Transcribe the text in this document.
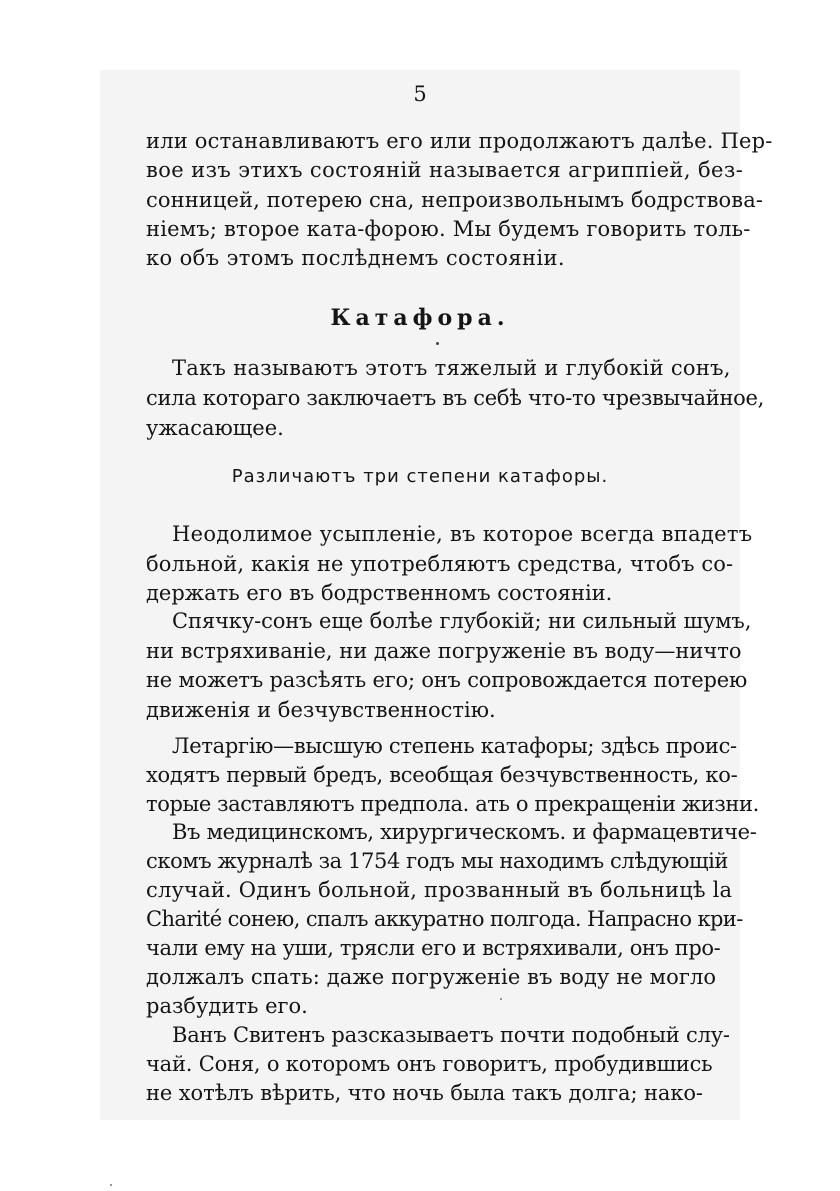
5
или останавливаютъ его или продолжаютъ далѣе. Пер-
вое изъ этихъ состоянiй называется агриппiей, без-
сонницей, потерею сна, непроизвольнымъ бодрствова-
нiемъ; второе ката-форою. Мы будемъ говорить толь-
ко объ этомъ послѣднемъ состоянiи.
Катафора.
Такъ называютъ этотъ тяжелый и глубокiй сонъ,
сила котораго заключаетъ въ себѣ что-то чрезвычайное,
ужасающее.
Различаютъ три степени катафоры.
Неодолимое усыпленiе, въ которое всегда впадетъ
больной, какiя не употребляютъ средства, чтобъ со-
держать его въ бодрственномъ состоянiи.
Спячку-сонъ еще болѣе глубокiй; ни сильный шумъ,
ни встряхиванiе, ни даже погруженiе въ воду—ничто
не можетъ разсѣять его; онъ сопровождается потерею
движенiя и безчувственностiю.
Летаргiю—высшую степень катафоры; здѣсь проис-
ходятъ первый бредъ, всеобщая безчувственность, ко-
торые заставляютъ предпола. ать о прекращенiи жизни.
Въ медицинскомъ, хирургическомъ. и фармацевтиче-
скомъ журналѣ за 1754 годъ мы находимъ слѣдующiй
случай. Одинъ больной, прозванный въ больницѣ la
Charité сонею, спалъ аккуратно полгода. Напрасно кри-
чали ему на уши, трясли его и встряхивали, онъ про-
должалъ спать: даже погруженiе въ воду не могло
разбудить его.
Ванъ Свитенъ разсказываетъ почти подобный слу-
чай. Соня, о которомъ онъ говоритъ, пробудившись
не хотѣлъ вѣрить, что ночь была такъ долга; нако-
